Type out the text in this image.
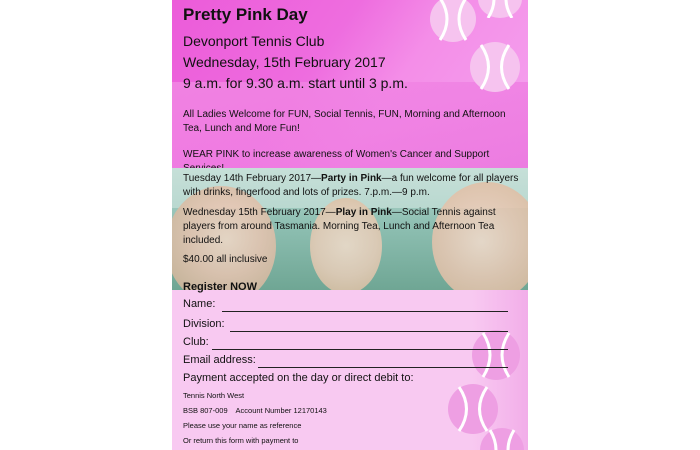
Pretty Pink Day
Devonport Tennis Club
Wednesday, 15th February 2017
9 a.m. for 9.30 a.m. start until 3 p.m.
All Ladies Welcome for FUN, Social Tennis, FUN, Morning and Afternoon Tea, Lunch and More Fun!
WEAR PINK to increase awareness of Women's Cancer and Support
Tuesday 14th February 2017—Party in Pink—a fun welcome for all players with drinks, fingerfood and lots of prizes. 7.p.m.—9 p.m.
Wednesday 15th February 2017—Play in Pink—Social Tennis against players from around Tasmania. Morning Tea, Lunch and Afternoon Tea included.
$40.00 all inclusive
Register NOW
Name:
Division:
Club:
Email address:
Payment accepted on the day or direct debit to:
Tennis North West
BSB 807-009    Account Number 12170143
Please use your name as reference
Or return this form with payment to
